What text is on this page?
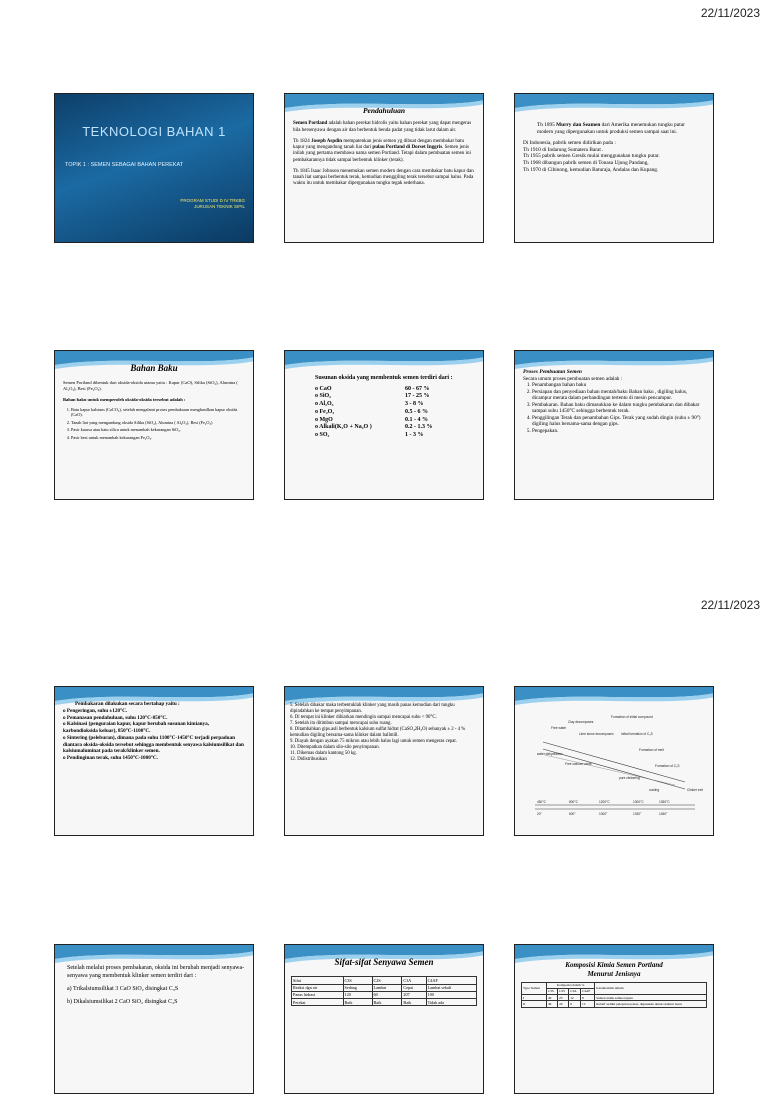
22/11/2023
22/11/2023
TEKNOLOGI BAHAN 1
TOPIK 1 : SEMEN SEBAGAI BAHAN PEREKAT
PROGRAM STUDI D IV TRKBG
JURUSAN TEKNIK SIPIL
Pendahuluan

Semen Portland adalah bahan perekat hidrolis yaitu bahan perekat yang dapat mengeras bila bersenyawa dengan air dan berbentuk benda padat yang tidak larut dalam air.

Th 1824 Joseph Aspdin mempatenkan jenis semen yg dibuat dengan membakar batu kapur yang mengandung tanah liat dari pulau Portland di Dorset Inggris. Semen jenis inilah yang pertama membawa nama semen Portland. Tetapi dalam pembuatan semen ini pembakarannya tidak sampai berbentuk klinker (terak).

Th 1845 Isaac Johnson menemukan semen modern dengan cara membakar batu kapur dan tanah liat sampai berbentuk terak, kemudian menggiling terak tersebut sampai halus. Pada waktu itu untuk membakar dipergunakan tungku tegak sederhana.

Th 1895 Murry dan Seamen dari Amerika menemukan tungku putar modern yang dipergunakan untuk produksi semen sampai saat ini.

Di Indonesia, pabrik semen didirikan pada :
Th 1910 di Indarung Sumatera Barat .
Th 1955 pabrik semen Gresik mulai menggunakan tungku putar.
Th 1968 dibangun pabrik semen di Tonasa Ujung Pandang,
Th 1970 di Cibinong, kemudian Baturaja, Andalas dan Kupang.
Bahan Baku

Semen Portland dibentuk dari oksida-oksida utama yaitu : Kapur (CaO), Silika (SiO₂), Alumina ( Al₂O₃), Besi (Fe₂O₃).

Bahan baku untuk memperoleh oksida-oksida tersebut adalah :

1. Batu kapur kalsium (CaCO₃), setelah mengalami proses pembakaran menghasilkan kapur oksida (CaO).
2. Tanah liat yang mengandung oksida Silika (SiO₂), Alumina ( Al₂O₃), Besi (Fe₂O₃)
3. Pasir kuarsa atau batu silica untuk menambah kekurangan SiO₂.
4. Pasir besi untuk menambah kekurangan Fe₂O₃.

Susunan oksida yang membentuk semen terdiri dari :

o CaO	60 - 67 %
o SiO₂	17 - 25 %
o Al₂O₃	3 - 8 %
o Fe₂O₃	0.5 - 6 %
o MgO	0.1 - 4 %
o Alkali(K₂O + Na₂O )	0.2 - 1.3 %
o SO₃	1 - 3 %
Proses Pembuatan Semen
Secara umum proses pembuatan semen adalah :
1. Penambangan bahan baku
2. Persiapan dan penyediaan bahan mentah/baku Bahan baku , digiling halus, dicampur merata dalam perbandingan tertentu di mesin pencampur.
3. Pembakaran. Bahan baku dimasukkan ke dalam tungku pembakaran dan dibakar sampai suhu 1450°C sehingga berbentuk terak.
4. Penggilingan Terak dan penambahan Gips. Terak yang sudah dingin (suhu ± 90°) digiling halus bersama-sama dengan gips.
5. Pengepakan.
Pembakaran dilakukan secara bertahap yaitu :
o Pengeringan, suhu ±120°C.
o Pemanasan pendahuluan, suhu 120°C-850°C.
o Kalsinasi (penguraian kapur, kapur berubah susunan kimianya, karbondioksida keluar), 850°C-1100°C.
o Sintering (peleburan), dimana pada suhu 1100°C-1450°C terjadi perpaduan diantara oksida-oksida tersebut sehingga membentuk senyawa kalsiumsilikat dan kalsiumaluminat pada terak/klinker semen.
o Pendinginan terak, suhu 1450°C-1000°C.
5. Setelah dibakar maka terbentuklah klinker yang masih panas kemudian dari tungku dipindahkan ke tempat penyimpanan.
6. Di tempat ini klinker dibiarkan mendingin sampai mencapai suhu < 90°C.
7. Setelah itu ditimbun sampai mencapai suhu ruang.
8. Ditambahkan gips.asli berbentuk kalsium sulfat hidrat (CaSO₄2H₂O) sebanyak ± 2 - 4 % kemudian digiling bersama-sama klinker dalam ballmill.
9. Diayak dengan ayakan 75 mikron atau lebih halus lagi untuk semen mengeras cepat.
10. Ditempatkan dalam silo-silo penyimpanan.
11. Dikemas dalam kantong 50 kg.
12. Didistribusikan
Free water
Clay decomposes
Formation of initial compound
Lime stone decomposes Initial formation of C₃S
water dehydration
Formation of melt
Free calcium oxide	Formation of C₃S
pure clinkering
cooling	Clinker exit
450°C	800°C	1200°C	1300°C	1350°C
20°	600°	1000°	1330°	1450°

Setelah melalui proses pembakaran, oksida ini berubah menjadi senyawa-senyawa yang membentuk klinker semen terdiri dari :

a) Trikalsiumsilikat 3 CaO SiO₂ disingkat C₃S
b) Dikalsiumsilikat 2 CaO SiO₂ disingkat C₂S
Sifat-sifat Senyawa Semen
Sifat	C3S	C2S	C3A	C4AF
Reaksi dgn air	Sedang	Lambat	Cepat	Lambat sekali
Panas hidrasi	120	60	207	100
Perekat	Baik	Baik	Baik	Tidak ada
Komposisi Kimia Semen Portland
Menurut Jenisnya
Type Semen	Komposisi dalam %				Karakteristik umum
	C3S	C2S	C3A	C4AF	
I	49	25	12	8	Semen untuk semua tujuan
II	46	29	6	12	Relatif sedikit pelepasan panas, digunakan untuk struktur besar
